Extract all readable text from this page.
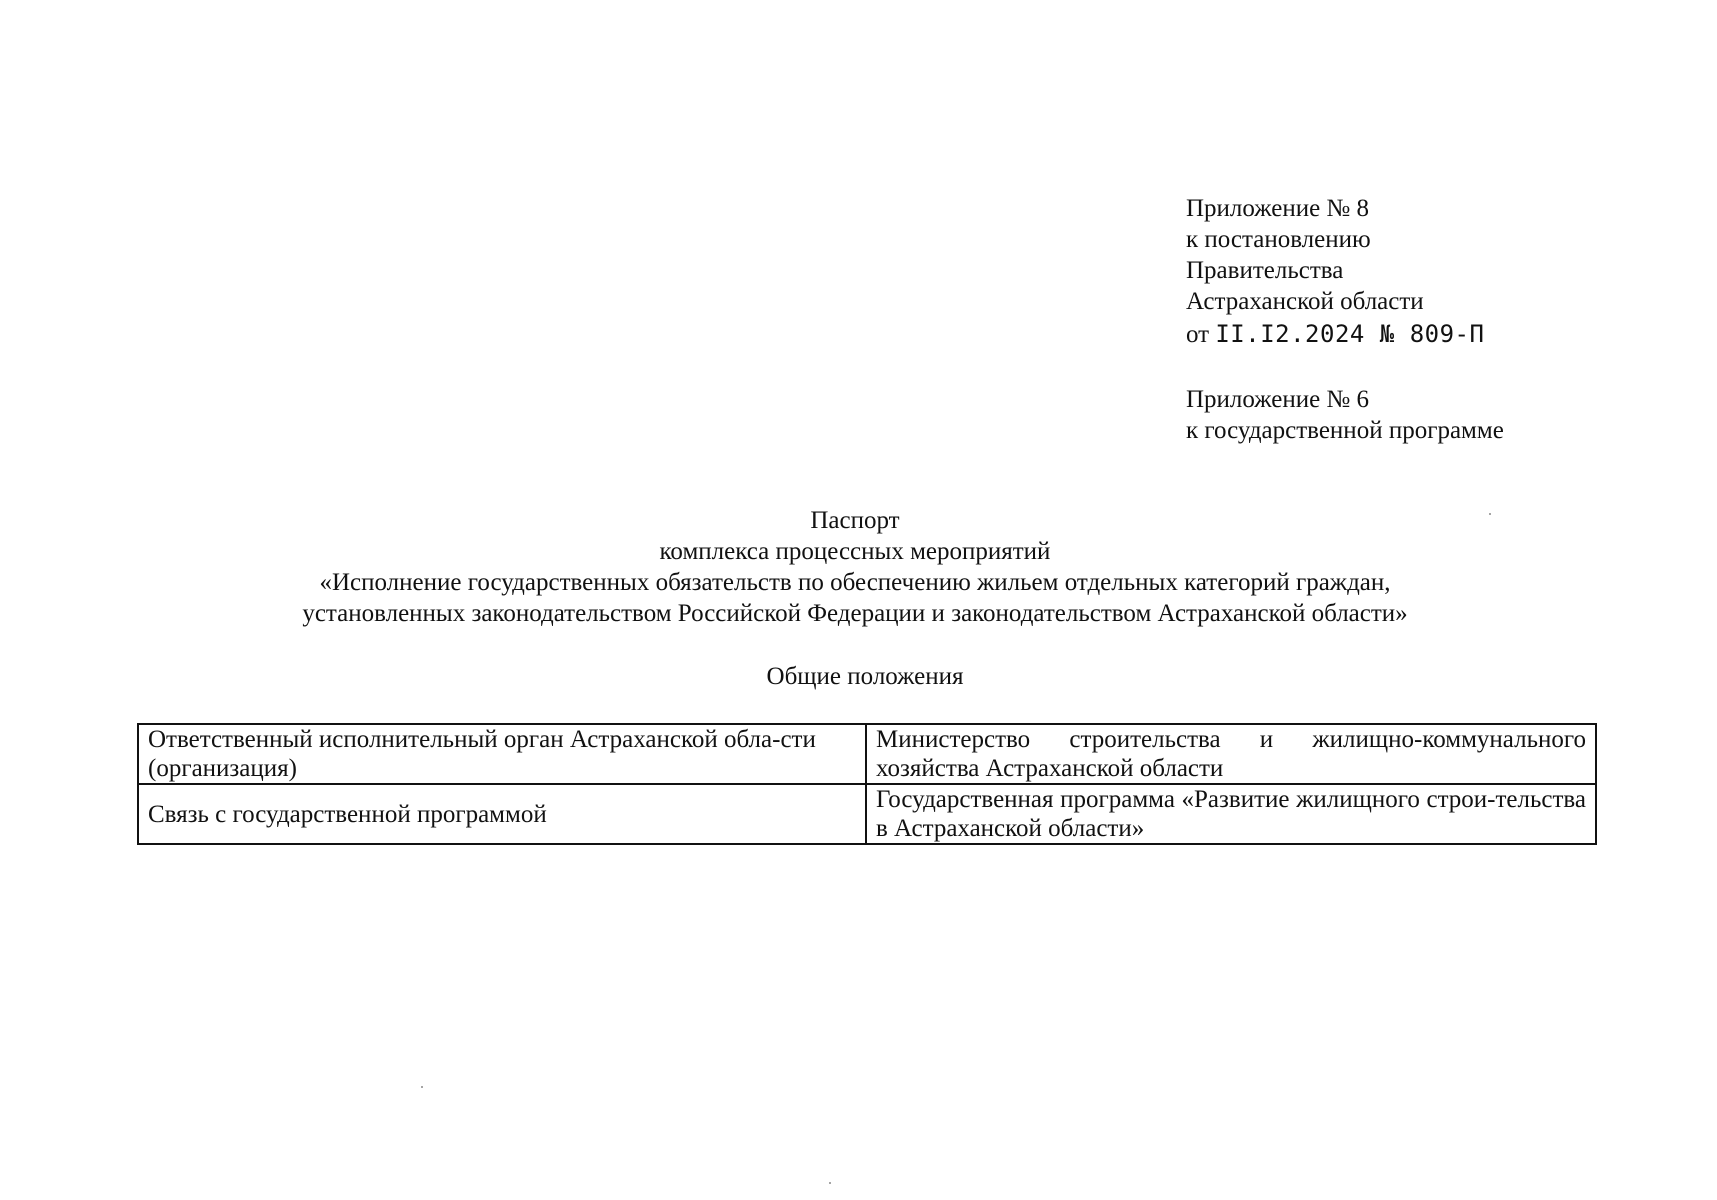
Приложение № 8
к постановлению
Правительства
Астраханской области
от II.I2.2024 № 809-П
Приложение № 6
к государственной программе
Паспорт
комплекса процессных мероприятий
«Исполнение государственных обязательств по обеспечению жильем отдельных категорий граждан,
установленных законодательством Российской Федерации и законодательством Астраханской области»
Общие положения
Ответственный исполнительный орган Астраханской обла-сти (организация)	Министерство строительства и жилищно-коммунального хозяйства Астраханской области
Связь с государственной программой	Государственная программа «Развитие жилищного строи-тельства в Астраханской области»
